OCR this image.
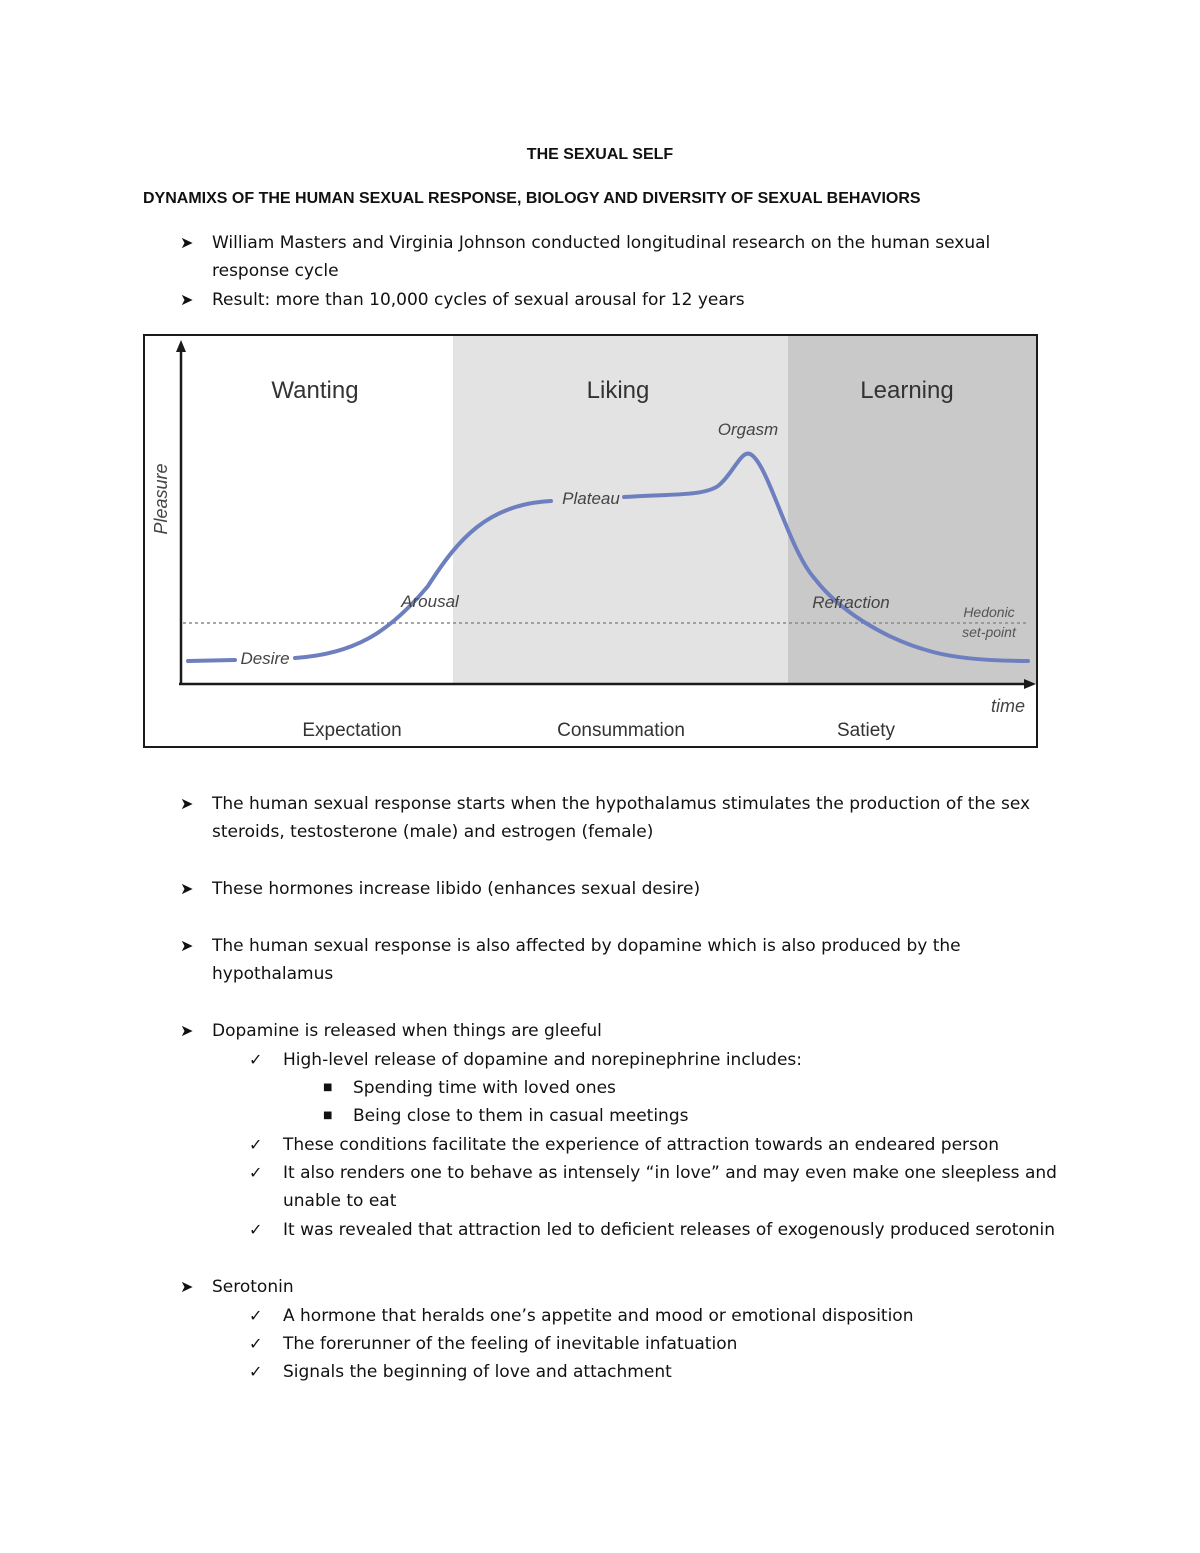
THE SEXUAL SELF
DYNAMIXS OF THE HUMAN SEXUAL RESPONSE, BIOLOGY AND DIVERSITY OF SEXUAL BEHAVIORS
➤ William Masters and Virginia Johnson conducted longitudinal research on the human sexual response cycle
➤ Result: more than 10,000 cycles of sexual arousal for 12 years
Wanting	Liking	Learning
Expectation	Consummation	Satiety
Pleasure
time
Desire
Arousal
Plateau
Orgasm
Refraction	Hedonic
set-point
➤ The human sexual response starts when the hypothalamus stimulates the production of the sex steroids, testosterone (male) and estrogen (female)
➤ These hormones increase libido (enhances sexual desire)
➤ The human sexual response is also affected by dopamine which is also produced by the hypothalamus
➤ Dopamine is released when things are gleeful
✓ High-level release of dopamine and norepinephrine includes:
■ Spending time with loved ones
■ Being close to them in casual meetings
✓ These conditions facilitate the experience of attraction towards an endeared person
✓ It also renders one to behave as intensely “in love” and may even make one sleepless and unable to eat
✓ It was revealed that attraction led to deficient releases of exogenously produced serotonin
➤ Serotonin
✓ A hormone that heralds one’s appetite and mood or emotional disposition
✓ The forerunner of the feeling of inevitable infatuation
✓ Signals the beginning of love and attachment
